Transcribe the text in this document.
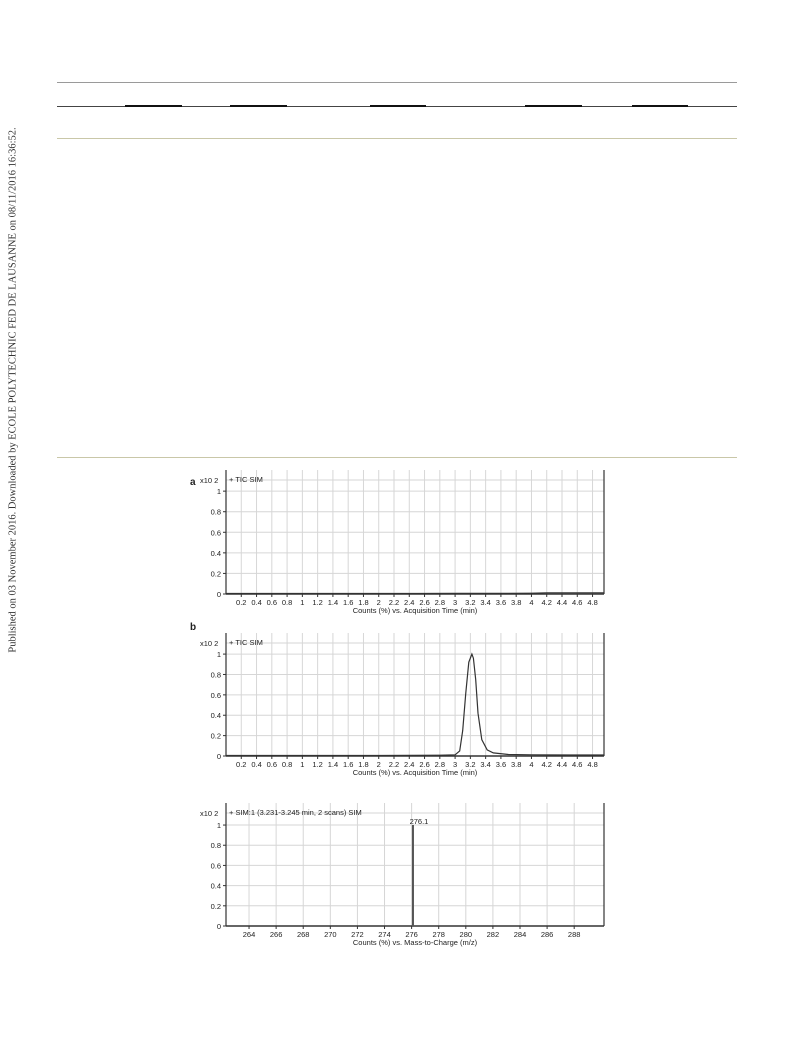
Published on 03 November 2016. Downloaded by ECOLE POLYTECHNIC FED DE LAUSANNE on 08/11/2016 16:36:52.	a
b
0
0.2
0.4
0.6
0.8
1
0.2 0.4 0.6 0.8 1 1.2 1.4 1.6 1.8 2 2.2 2.4 2.6 2.8 3 3.2 3.4 3.6 3.8 4 4.2 4.4 4.6 4.8
x10 2 + TIC SIM
Counts (%) vs. Acquisition Time (min)
0
0.2
0.4
0.6
0.8
1
0.2 0.4 0.6 0.8 1 1.2 1.4 1.6 1.8 2 2.2 2.4 2.6 2.8 3 3.2 3.4 3.6 3.8 4 4.2 4.4 4.6 4.8
x10 2 + TIC SIM
Counts (%) vs. Acquisition Time (min)
0
0.2
0.4
0.6
0.8
1
264 266 268 270 272 274 276 278 280 282 284 286 288
x10 2 + SIM:1 (3.231-3.245 min, 2 scans) SIM
Counts (%) vs. Mass-to-Charge (m/z)
276.1
